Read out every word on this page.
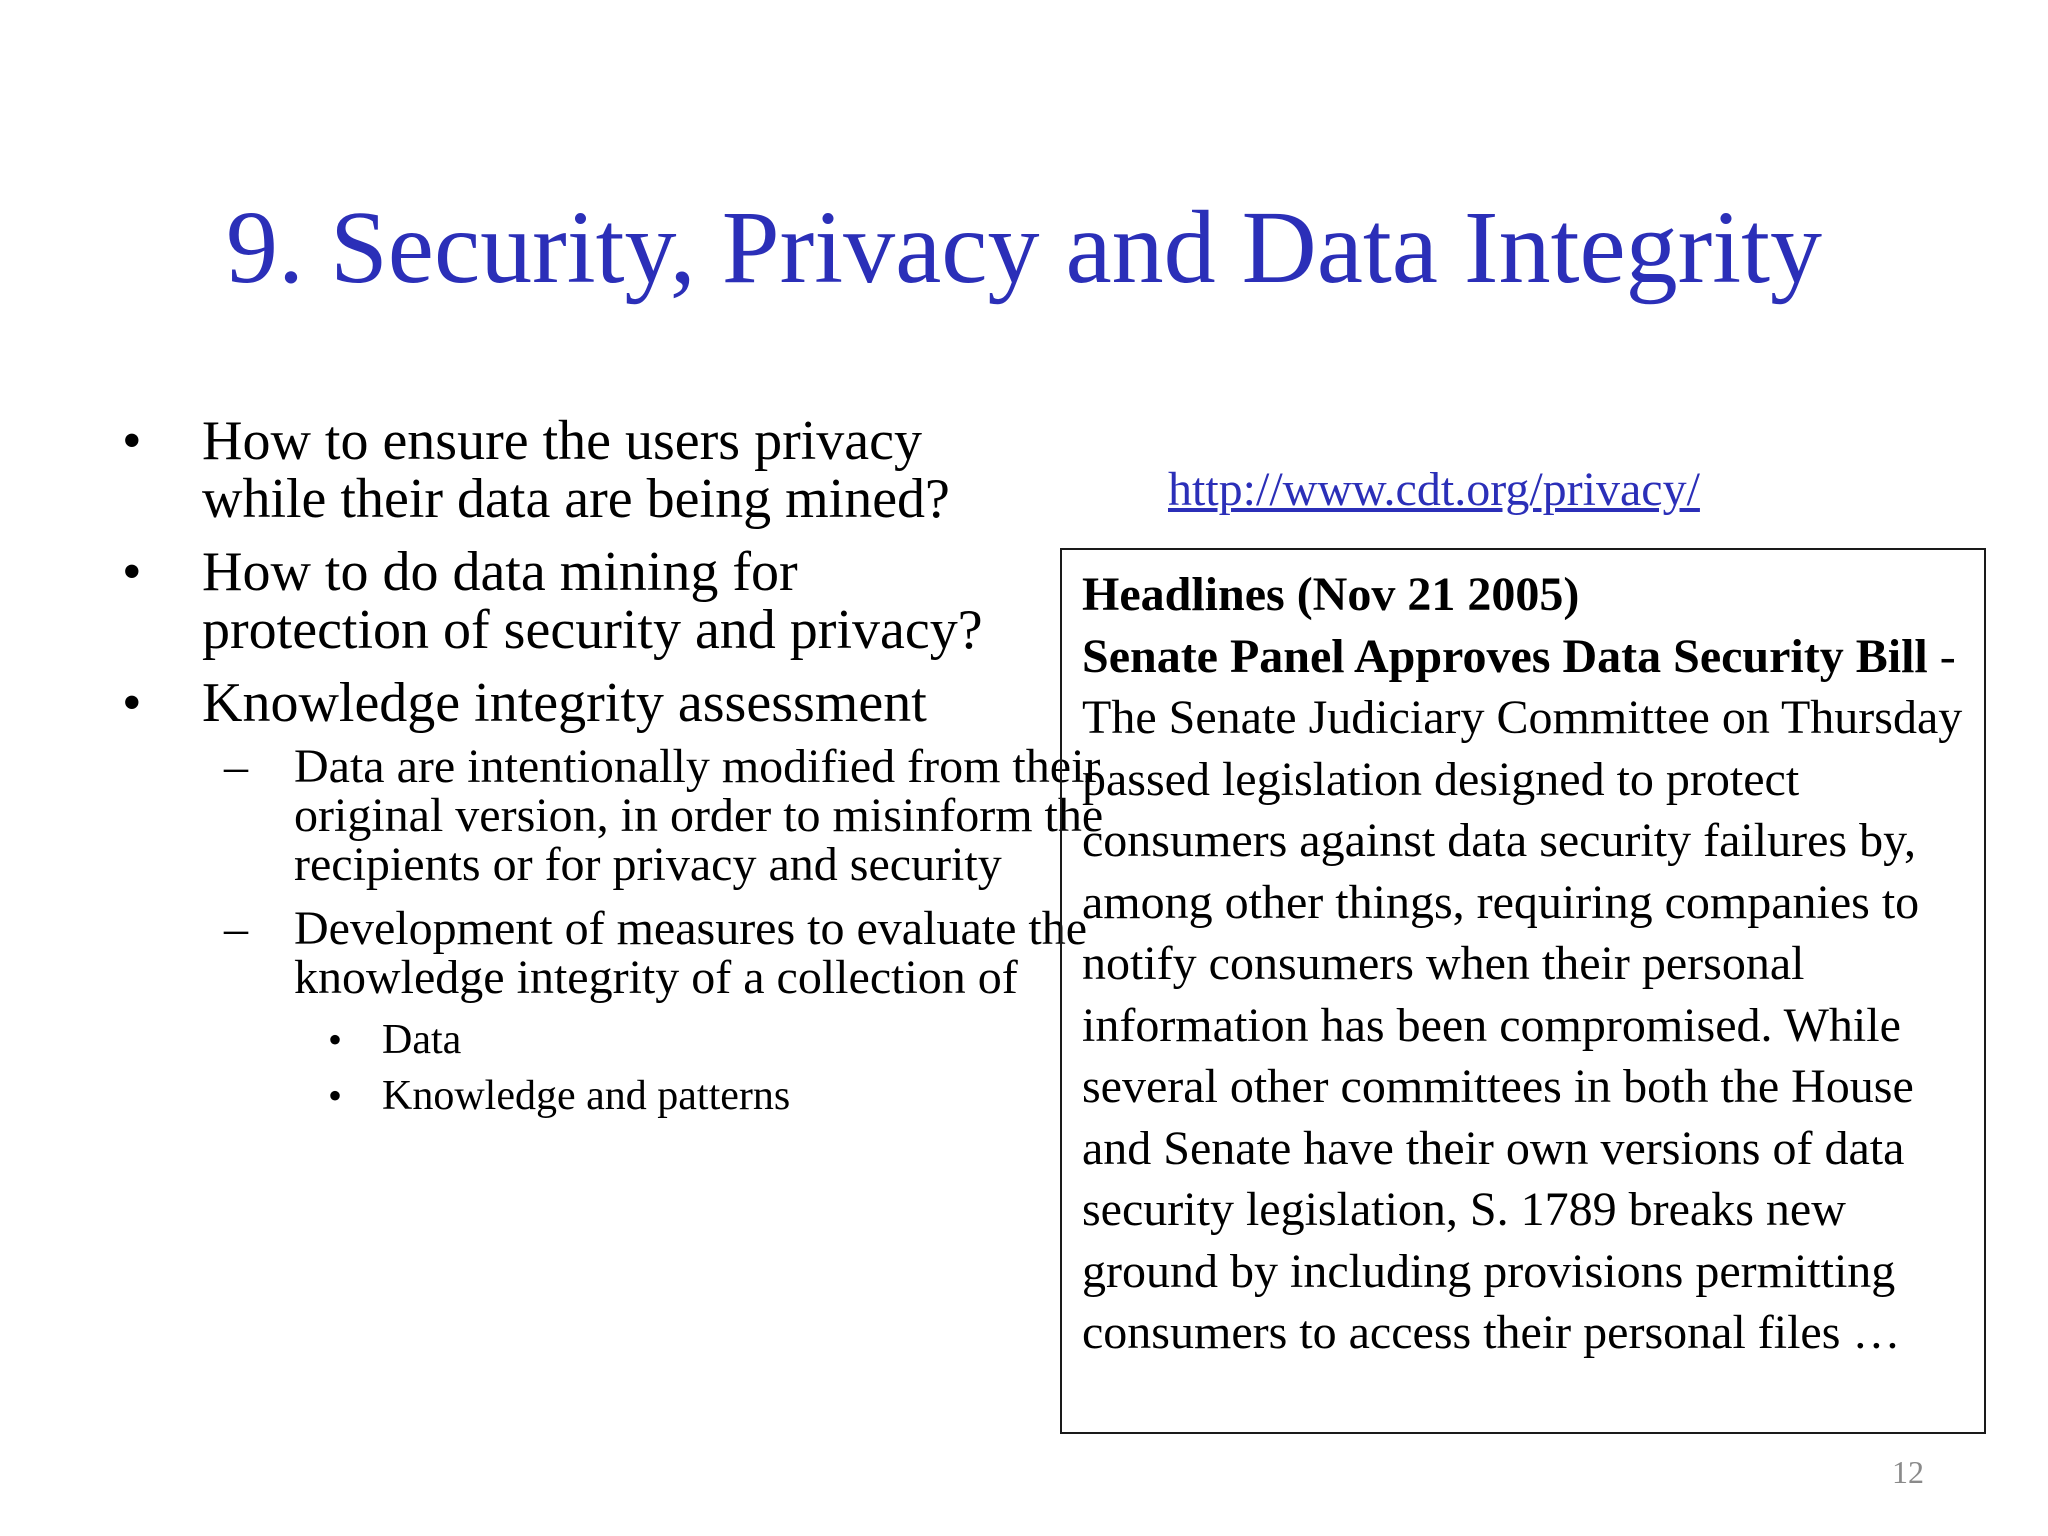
9. Security, Privacy and Data Integrity
• How to ensure the users privacy while their data are being mined?
• How to do data mining for protection of security and privacy?
• Knowledge integrity assessment
– Data are intentionally modified from their original version, in order to misinform the recipients or for privacy and security
– Development of measures to evaluate the knowledge integrity of a collection of
• Data
• Knowledge and patterns
http://www.cdt.org/privacy/
Headlines (Nov 21 2005)
Senate Panel Approves Data Security Bill - The Senate Judiciary Committee on Thursday passed legislation designed to protect consumers against data security failures by, among other things, requiring companies to notify consumers when their personal information has been compromised. While several other committees in both the House and Senate have their own versions of data security legislation, S. 1789 breaks new ground by including provisions permitting consumers to access their personal files …
12
